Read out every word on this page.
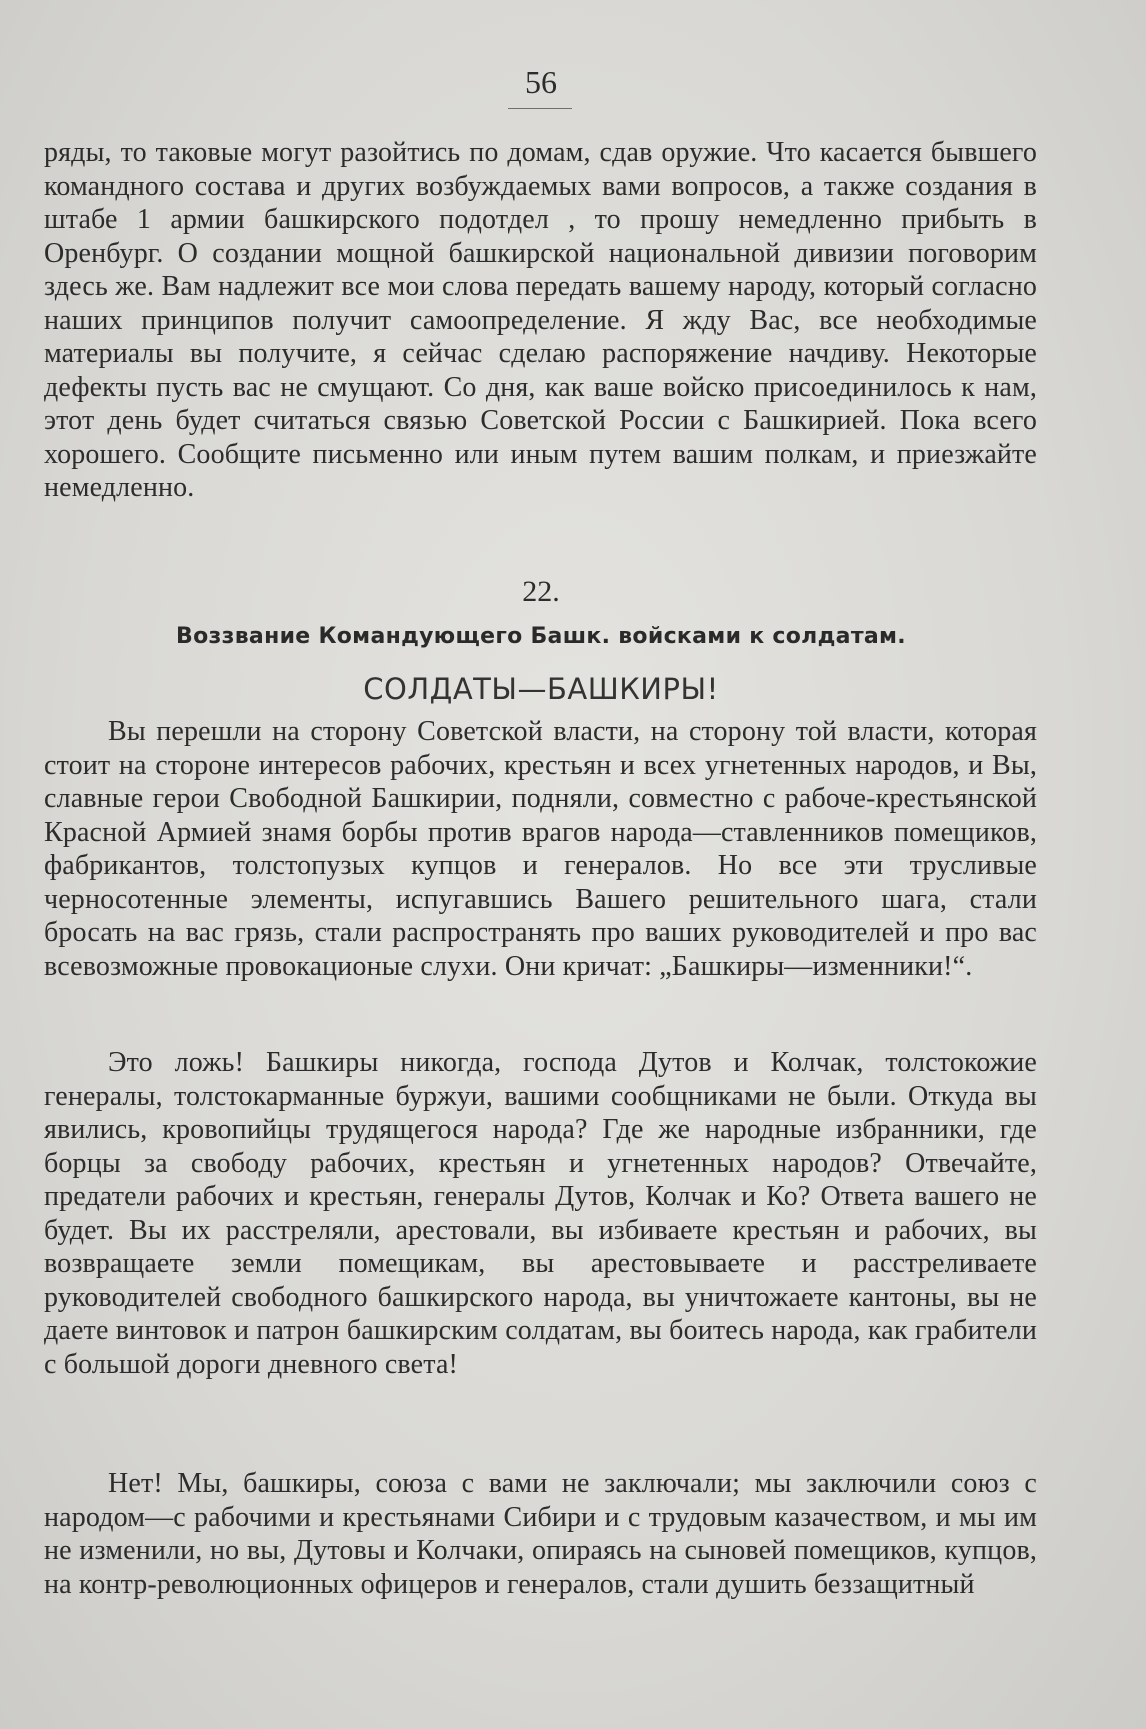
56

ряды, то таковые могут разойтись по домам, сдав оружие. Что касается бывшего командного состава и других возбуждаемых вами вопросов, а также создания в штабе 1 армии башкирского подотдел , то прошу немедленно прибыть в Оренбург. О создании мощной башкирской национальной дивизии поговорим здесь же. Вам надлежит все мои слова передать вашему народу, который согласно наших принципов получит самоопределение. Я жду Вас, все необходимые материалы вы получите, я сейчас сделаю распоряжение начдиву. Некоторые дефекты пусть вас не смущают. Со дня, как ваше войско присоединилось к нам, этот день будет считаться связью Советской России с Башкирией. Пока всего хорошего. Сообщите письменно или иным путем вашим полкам, и приезжайте немедленно.

22.
Воззвание Командующего Башк. войсками к солдатам.
СОЛДАТЫ—БАШКИРЫ!

Вы перешли на сторону Советской власти, на сторону той власти, которая стоит на стороне интересов рабочих, крестьян и всех угнетенных народов, и Вы, славные герои Свободной Башкирии, подняли, совместно с рабоче-крестьянской Красной Армией знамя борбы против врагов народа—ставленников помещиков, фабрикантов, толстопузых купцов и генералов. Но все эти трусливые черносотенные элементы, испугавшись Вашего решительного шага, стали бросать на вас грязь, стали распространять про ваших руководителей и про вас всевозможные провокационые слухи. Они кричат: „Башкиры—изменники!“.

Это ложь! Башкиры никогда, господа Дутов и Колчак, толстокожие генералы, толстокарманные буржуи, вашими сообщниками не были. Откуда вы явились, кровопийцы трудящегося народа? Где же народные избранники, где борцы за свободу рабочих, крестьян и угнетенных народов? Отвечайте, предатели рабочих и крестьян, генералы Дутов, Колчак и Ко? Ответа вашего не будет. Вы их расстреляли, арестовали, вы избиваете крестьян и рабочих, вы возвращаете земли помещикам, вы арестовываете и расстреливаете руководителей свободного башкирского народа, вы уничтожаете кантоны, вы не даете винтовок и патрон башкирским солдатам, вы боитесь народа, как грабители с большой дороги дневного света!

Нет! Мы, башкиры, союза с вами не заключали; мы заключили союз с народом—с рабочими и крестьянами Сибири и с трудовым казачеством, и мы им не изменили, но вы, Дутовы и Колчаки, опираясь на сыновей помещиков, купцов, на контр-революционных офицеров и генералов, стали душить беззащитный
